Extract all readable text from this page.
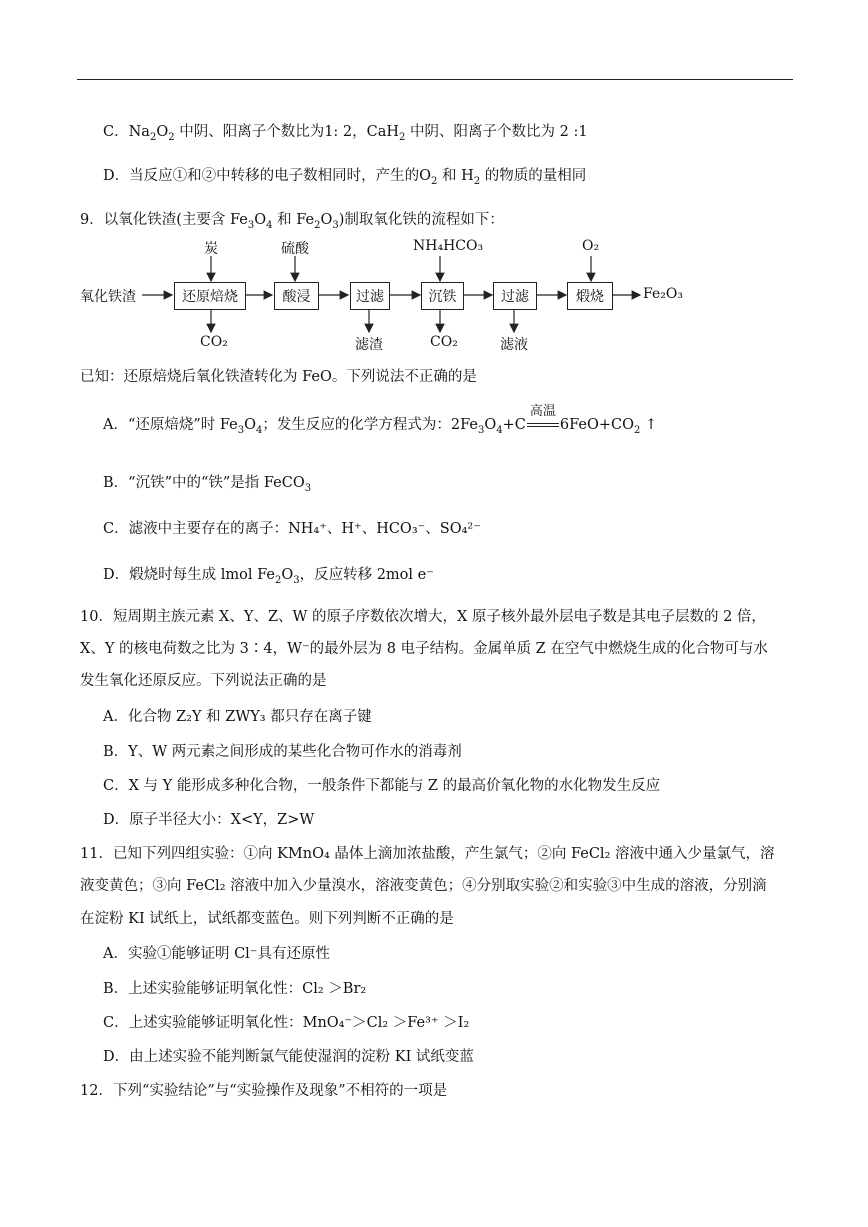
C．$Na_2O_2$ 中阴、阳离子个数比为1: 2，CaH$_2$ 中阴、阳离子个数比为 2 :1
D．当反应①和②中转移的电子数相同时，产生的$O_2$ 和 $H_2$ 的物质的量相同
9．以氧化铁渣(主要含 $Fe_3O_4$ 和 $Fe_2O_3$)制取氧化铁的流程如下：
氧化铁渣	还原焙烧	酸浸	过滤	沉铁	过滤	煅烧	Fe₂O₃
炭	硫酸	NH₄HCO₃	O₂
CO₂	滤渣	CO₂	滤液
已知：还原焙烧后氧化铁渣转化为 FeO。下列说法不正确的是
A．“还原焙烧”时 $Fe_3O_4$；发生反应的化学方程式为：$2Fe_3O_4+C$
高温
$6FeO+CO_2$ ↑
B．“沉铁”中的“铁”是指 FeCO$_3$
C．滤液中主要存在的离子：NH₄⁺、H⁺、HCO₃⁻、SO₄²⁻
D．煅烧时每生成 lmol $Fe_2O_3$，反应转移 2mol e⁻
10．短周期主族元素 X、Y、Z、W 的原子序数依次增大，X 原子核外最外层电子数是其电子层数的 2 倍，
X、Y 的核电荷数之比为 3∶4，W⁻的最外层为 8 电子结构。金属单质 Z 在空气中燃烧生成的化合物可与水
发生氧化还原反应。下列说法正确的是
A．化合物 Z₂Y 和 ZWY₃ 都只存在离子键
B．Y、W 两元素之间形成的某些化合物可作水的消毒剂
C．X 与 Y 能形成多种化合物，一般条件下都能与 Z 的最高价氧化物的水化物发生反应
D．原子半径大小：X<Y，Z>W
11．已知下列四组实验：①向 KMnO₄ 晶体上滴加浓盐酸，产生氯气；②向 FeCl₂ 溶液中通入少量氯气，溶
液变黄色；③向 FeCl₂ 溶液中加入少量溴水，溶液变黄色；④分别取实验②和实验③中生成的溶液，分别滴
在淀粉 KI 试纸上，试纸都变蓝色。则下列判断不正确的是
A．实验①能够证明 Cl⁻具有还原性
B．上述实验能够证明氧化性：Cl₂ ＞Br₂
C．上述实验能够证明氧化性：MnO₄⁻＞Cl₂ ＞Fe³⁺ ＞I₂
D．由上述实验不能判断氯气能使湿润的淀粉 KI 试纸变蓝
12．下列“实验结论”与“实验操作及现象”不相符的一项是
